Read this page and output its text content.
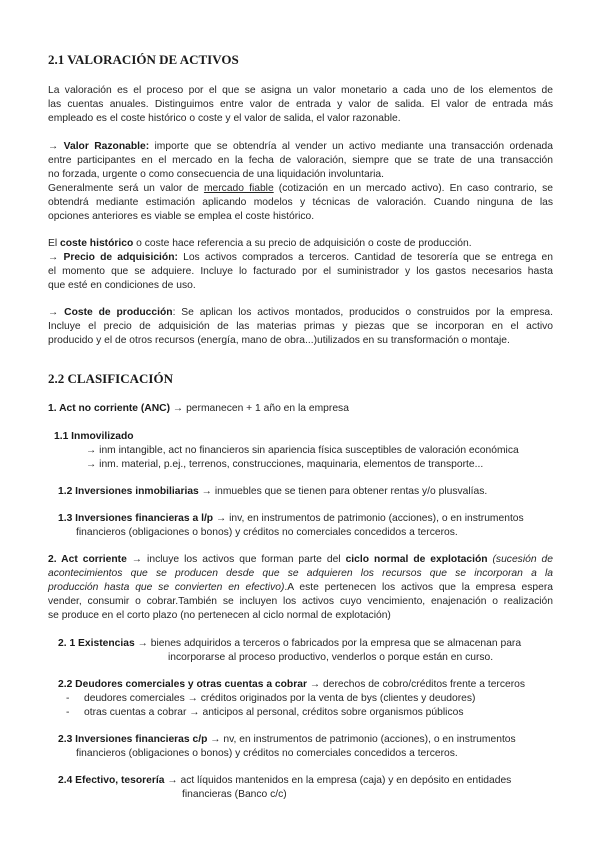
2.1 VALORACIÓN DE ACTIVOS
La valoración es el proceso por el que se asigna un valor monetario a cada uno de los elementos de
las cuentas anuales. Distinguimos entre valor de entrada y valor de salida. El valor de entrada más
empleado es el coste histórico o coste y el valor de salida, el valor razonable.
→ Valor Razonable: importe que se obtendría al vender un activo mediante una transacción ordenada
entre participantes en el mercado en la fecha de valoración, siempre que se trate de una transacción
no forzada, urgente o como consecuencia de una liquidación involuntaria.
Generalmente será un valor de mercado fiable (cotización en un mercado activo). En caso contrario, se
obtendrá mediante estimación aplicando modelos y técnicas de valoración. Cuando ninguna de las
opciones anteriores es viable se emplea el coste histórico.
El coste histórico o coste hace referencia a su precio de adquisición o coste de producción.
→ Precio de adquisición: Los activos comprados a terceros. Cantidad de tesorería que se entrega en
el momento que se adquiere. Incluye lo facturado por el suministrador y los gastos necesarios hasta
que esté en condiciones de uso.
→ Coste de producción: Se aplican los activos montados, producidos o construidos por la empresa.
Incluye el precio de adquisición de las materias primas y piezas que se incorporan en el activo
producido y el de otros recursos (energía, mano de obra...)utilizados en su transformación o montaje.
2.2 CLASIFICACIÓN
1. Act no corriente (ANC) → permanecen + 1 año en la empresa
1.1 Inmovilizado
→ inm intangible, act no financieros sin apariencia física susceptibles de valoración económica
→ inm. material, p.ej., terrenos, construcciones, maquinaria, elementos de transporte...
1.2 Inversiones inmobiliarias → inmuebles que se tienen para obtener rentas y/o plusvalías.
1.3 Inversiones financieras a l/p → inv, en instrumentos de patrimonio (acciones), o en instrumentos
financieros (obligaciones o bonos) y créditos no comerciales concedidos a terceros.
2. Act corriente → incluye los activos que forman parte del ciclo normal de explotación (sucesión de
acontecimientos que se producen desde que se adquieren los recursos que se incorporan a la
producción hasta que se convierten en efectivo).A este pertenecen los activos que la empresa espera
vender, consumir o cobrar.También se incluyen los activos cuyo vencimiento, enajenación o realización
se produce en el corto plazo (no pertenecen al ciclo normal de explotación)
2. 1 Existencias → bienes adquiridos a terceros o fabricados por la empresa que se almacenan para
incorporarse al proceso productivo, venderlos o porque están en curso.
2.2 Deudores comerciales y otras cuentas a cobrar → derechos de cobro/créditos frente a terceros
- deudores comerciales → créditos originados por la venta de bys (clientes y deudores)
- otras cuentas a cobrar → anticipos al personal, créditos sobre organismos públicos
2.3 Inversiones financieras c/p → nv, en instrumentos de patrimonio (acciones), o en instrumentos
financieros (obligaciones o bonos) y créditos no comerciales concedidos a terceros.
2.4 Efectivo, tesorería → act líquidos mantenidos en la empresa (caja) y en depósito en entidades
financieras (Banco c/c)
